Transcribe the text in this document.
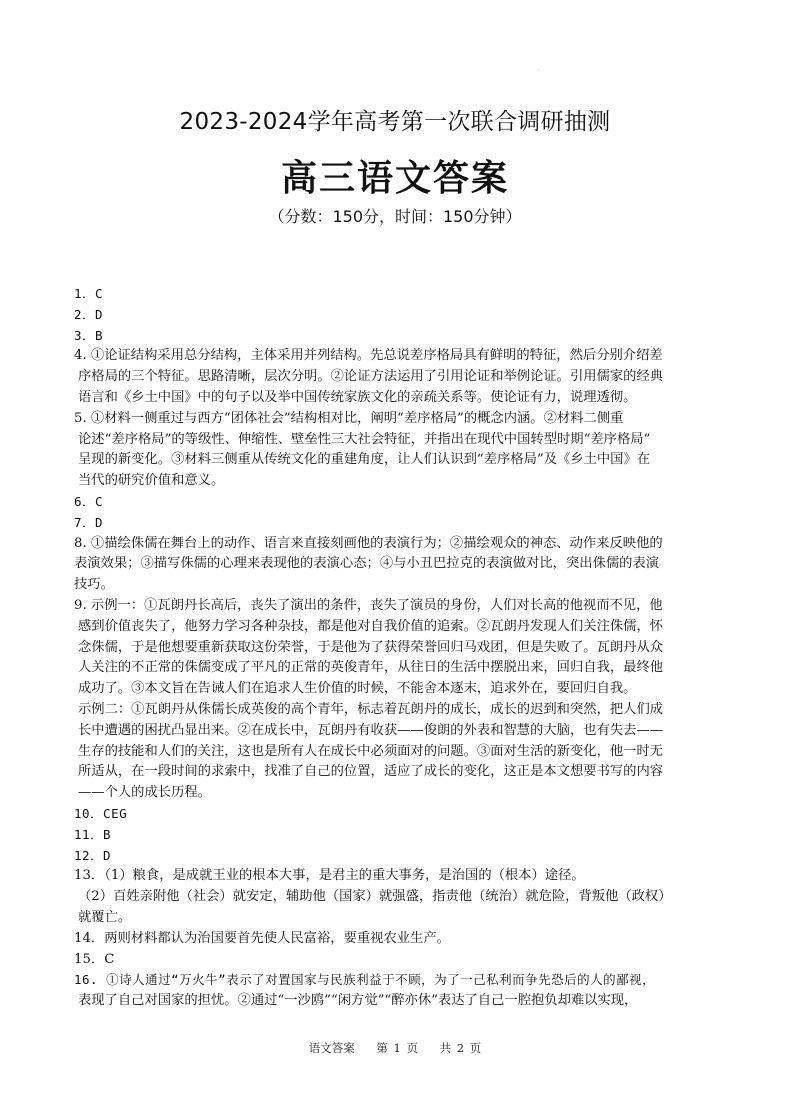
.
2023-2024学年高考第一次联合调研抽测
高三语文答案
（分数：150分，时间：150分钟）
1．C
2．D
3．B
4. ①论证结构采用总分结构，主体采用并列结构。先总说差序格局具有鲜明的特征，然后分别介绍差
序格局的三个特征。思路清晰，层次分明。②论证方法运用了引用论证和举例论证。引用儒家的经典
语言和《乡土中国》中的句子以及举中国传统家族文化的亲疏关系等。使论证有力，说理透彻。
5. ①材料一侧重过与西方“团体社会”结构相对比，阐明“差序格局”的概念内涵。②材料二侧重
论述“差序格局”的等级性、伸缩性、壁垒性三大社会特征，并指出在现代中国转型时期“差序格局”
呈现的新变化。③材料三侧重从传统文化的重建角度，让人们认识到“差序格局”及《乡土中国》在
当代的研究价值和意义。
6．C
7．D
8. ①描绘侏儒在舞台上的动作、语言来直接刻画他的表演行为；②描绘观众的神态、动作来反映他的
表演效果；③描写侏儒的心理来表现他的表演心态；④与小丑巴拉克的表演做对比，突出侏儒的表演
技巧。
9. 示例一：①瓦朗丹长高后，丧失了演出的条件，丧失了演员的身份，人们对长高的他视而不见，他
感到价值丧失了，他努力学习各种杂技，都是他对自我价值的追索。②瓦朗丹发现人们关注侏儒，怀
念侏儒，于是他想要重新获取这份荣誉，于是他为了获得荣誉回归马戏团，但是失败了。瓦朗丹从众
人关注的不正常的侏儒变成了平凡的正常的英俊青年，从往日的生活中摆脱出来，回归自我，最终他
成功了。③本文旨在告诫人们在追求人生价值的时候，不能舍本逐末，追求外在，要回归自我。
示例二：①瓦朗丹从侏儒长成英俊的高个青年，标志着瓦朗丹的成长，成长的迟到和突然，把人们成
长中遭遇的困扰凸显出来。②在成长中，瓦朗丹有收获——俊朗的外表和智慧的大脑，也有失去——
生存的技能和人们的关注，这也是所有人在成长中必须面对的问题。③面对生活的新变化，他一时无
所适从，在一段时间的求索中，找准了自己的位置，适应了成长的变化，这正是本文想要书写的内容
——个人的成长历程。
10．CEG
11．B
12．D
13．（1）粮食，是成就王业的根本大事，是君主的重大事务，是治国的（根本）途径。
（2）百姓亲附他（社会）就安定，辅助他（国家）就强盛，指责他（统治）就危险，背叛他（政权）
就覆亡。
14．两则材料都认为治国要首先使人民富裕，要重视农业生产。
15．C
16. ①诗人通过“万火牛”表示了对置国家与民族利益于不顾，为了一己私利而争先恐后的人的鄙视，
表现了自己对国家的担忧。②通过“一沙鸥”“闲方觉”“醉亦休”表达了自己一腔抱负却难以实现，
语文答案 第 1 页 共 2 页
